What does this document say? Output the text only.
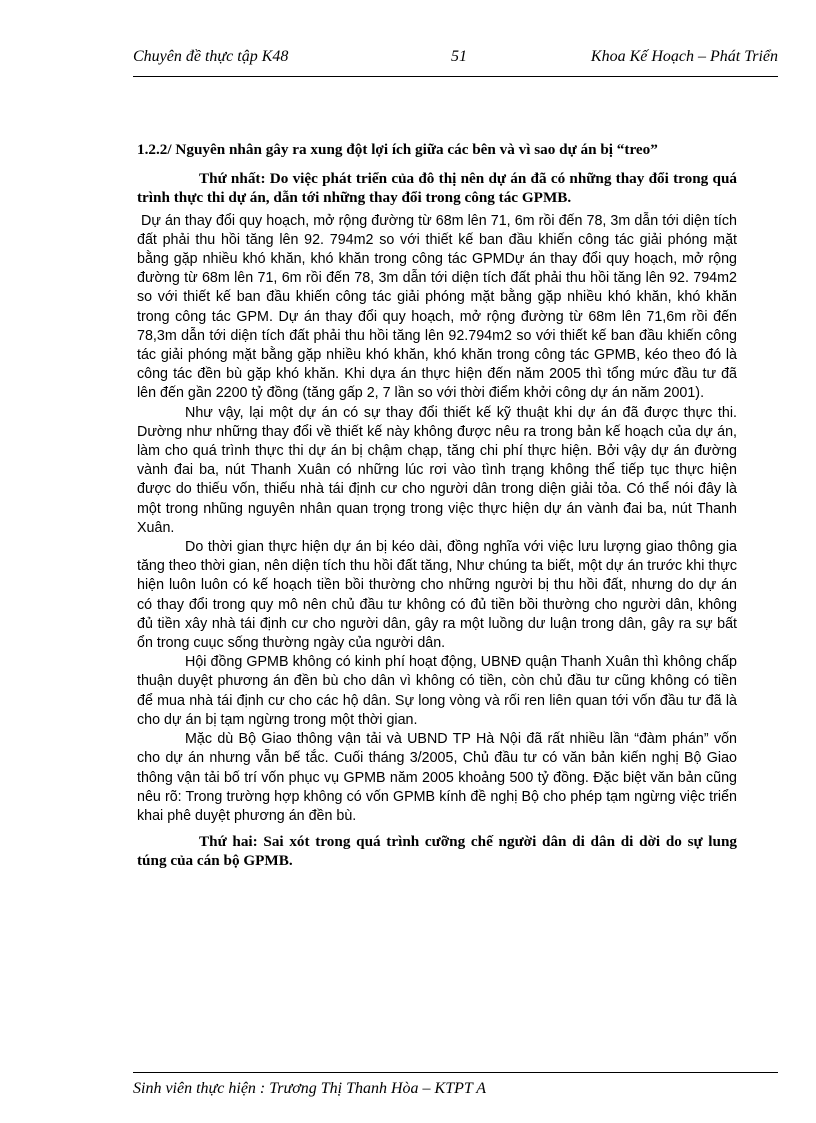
Chuyên đề thực tập K48	51	Khoa Kế Hoạch – Phát Triển

1.2.2/ Nguyên nhân gây ra xung đột lợi ích giữa các bên và vì sao dự án bị “treo”

Thứ nhất: Do việc phát triển của đô thị nên dự án đã có những thay đổi trong quá trình thực thi dự án, dẫn tới những thay đổi trong công tác GPMB.

Dự án thay đổi quy hoạch, mở rộng đường từ 68m lên 71, 6m rồi đến 78, 3m dẫn tới diện tích đất phải thu hồi tăng lên 92. 794m2 so với thiết kế ban đầu khiến công tác giải phóng mặt bằng gặp nhiều khó khăn, khó khăn trong công tác GPMDự án thay đổi quy hoạch, mở rộng đường từ 68m lên 71, 6m rồi đến 78, 3m dẫn tới diện tích đất phải thu hồi tăng lên 92. 794m2 so với thiết kế ban đầu khiến công tác giải phóng mặt bằng gặp nhiều khó khăn, khó khăn trong công tác GPM. Dự án thay đổi quy hoạch, mở rộng đường từ 68m lên 71,6m rồi đến 78,3m dẫn tới diện tích đất phải thu hồi tăng lên 92.794m2 so với thiết kế ban đầu khiến công tác giải phóng mặt bằng gặp nhiều khó khăn, khó khăn trong công tác GPMB, kéo theo đó là công tác đền bù gặp khó khăn. Khi dựa án thực hiện đến năm 2005 thì tổng mức đầu tư đã lên đến gần 2200 tỷ đồng (tăng gấp 2, 7 lần so với thời điểm khởi công dự án năm 2001).

Như vậy, lại một dự án có sự thay đổi thiết kế kỹ thuật khi dự án đã được thực thi. Dường như những thay đổi về thiết kế này không được nêu ra trong bản kế hoạch của dự án, làm cho quá trình thực thi dự án bị chậm chạp, tăng chi phí thực hiện. Bởi vậy dự án đường vành đai ba, nút Thanh Xuân có những lúc rơi vào tình trạng không thể tiếp tục thực hiện được do thiếu vốn, thiếu nhà tái định cư cho người dân trong diện giải tỏa. Có thể nói đây là một trong nhũng nguyên nhân quan trọng trong việc thực hiện dự án vành đai ba, nút Thanh Xuân.

Do thời gian thực hiện dự án bị kéo dài, đồng nghĩa với việc lưu lượng giao thông gia tăng theo thời gian, nên diện tích thu hồi đất tăng, Như chúng ta biết, một dự án trước khi thực hiện luôn luôn có kế hoạch tiền bồi thường cho những người bị thu hồi đất, nhưng do dự án có thay đổi trong quy mô nên chủ đầu tư không có đủ tiền bồi thường cho người dân, không đủ tiền xây nhà tái định cư cho người dân, gây ra một luồng dư luận trong dân, gây ra sự bất ổn trong cuục sống thường ngày của người dân.

Hội đồng GPMB không có kinh phí hoạt động, UBNĐ quận Thanh Xuân thì không chấp thuận duyệt phương án đền bù cho dân vì không có tiền, còn chủ đầu tư cũng không có tiền để mua nhà tái định cư cho các hộ dân. Sự long vòng và rối ren liên quan tới vốn đầu tư đã là cho dự án bị tạm ngừng trong một thời gian.

Mặc dù Bộ Giao thông vận tải và UBND TP Hà Nội đã rất nhiều lần “đàm phán” vốn cho dự án nhưng vẫn bế tắc. Cuối tháng 3/2005, Chủ đầu tư có văn bản kiến nghị Bộ Giao thông vận tải bố trí vốn phục vụ GPMB năm 2005 khoảng 500 tỷ đồng. Đặc biệt văn bản cũng nêu rõ: Trong trường hợp không có vốn GPMB kính đề nghị Bộ cho phép tạm ngừng việc triển khai phê duyệt phương án đền bù.

Thứ hai: Sai xót trong quá trình cưỡng chế người dân di dân di dời do sự lung túng của cán bộ GPMB.

Sinh viên thực hiện : Trương Thị Thanh Hòa – KTPT A
